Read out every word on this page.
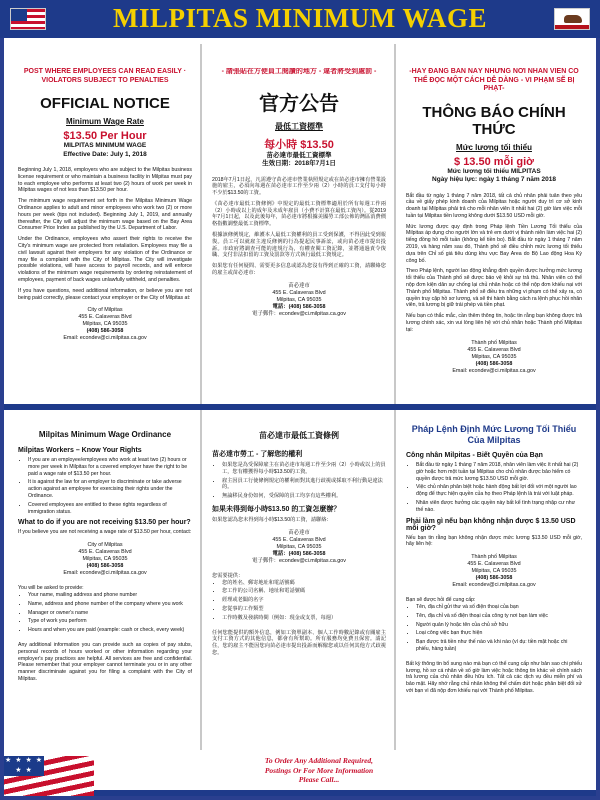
MILPITAS MINIMUM WAGE
POST WHERE EMPLOYEES CAN READ EASILY · VIOLATORS SUBJECT TO PENALTIES
OFFICIAL NOTICE
Minimum Wage Rate
$13.50 Per Hour
MILPITAS MINIMUM WAGE
Effective Date: July 1, 2018

Beginning July 1, 2018, employers who are subject to the Milpitas business license requirement or who maintain a business facility in Milpitas must pay to each employee who performs at least two (2) hours of work per week in Milpitas wages of not less than $13.50 per hour.

The minimum wage requirement set forth in the Milpitas Minimum Wage Ordinance applies to adult and minor employees who work two (2) or more hours per week (tips not included). Beginning July 1, 2019, and annually thereafter, the City will adjust the minimum wage based on the Bay Area Consumer Price Index as published by the U.S. Department of Labor.

Under the Ordinance, employees who assert their rights to receive the City's minimum wage are protected from retaliation. Employees may file a civil lawsuit against their employers for any violation of the Ordinance or may file a complaint with the City of Milpitas. The City will investigate possible violations, will have access to payroll records, and will enforce violations of the minimum wage requirements by ordering reinstatement of employees, payment of back wages unlawfully withheld, and penalties.

If you have questions, need additional information, or believe you are not being paid correctly, please contact your employer or the City of Milpitas at:

City of Milpitas
455 E. Calaveras Blvd
Milpitas, CA 95035
(408) 586-3058
Email: econdev@ci.milpitas.ca.gov
- 請張貼在方便員工閱讀的地方 - 違者將受到處罰 -
官方公告
最低工資標準
每小時 $13.50
苗必達市最低工資標準
生效日期：2018年7月1日

2018年7月1日起，凡需遵守苗必達市營業執照規定或在苗必達市擁有營業設施的雇主，必須向每週在苗必達市工作至少兩（2）小時的員工支付每小時不少於$13.50的工資。

《苗必達市最低工資條例》中規定的最低工資標準適用於所有每週工作兩（2）小時或以上的成年及未成年雇員（小費不計算在最低工資內）。從2019年7月1日起，以及此後每年，苗必達市將根據美國勞工部公佈的灣區消費價格指數調整最低工資標準。

根據該條例規定，維護本人最低工資權利的員工受到保護，不得因此受到報復。員工可以就雇主違反條例的行為提起民事訴訟，或向苗必達市提出投訴。市政府將調查可能的違規行為，有權查閱工資記錄，並將通過責令復職、支付非法扣留的工資及罰款等方式執行最低工資規定。

如果您有任何疑問、需要更多信息或認為您沒有得到正確的工資，請聯絡您的雇主或苗必達市：

苗必達市
455 E. Calaveras Blvd
Milpitas, CA 95035
電話：(408) 586-3058
電子郵件：econdev@ci.milpitas.ca.gov
-HÃY ĐĂNG BẢN NÀY NHỮNG NƠI NHÂN VIÊN CÓ THỂ ĐỌC MỘT CÁCH DỄ DÀNG - VI PHẠM SẼ BỊ PHẠT-
THÔNG BÁO CHÍNH THỨC
Mức lương tối thiểu
$ 13.50 mỗi giờ
Mức lương tối thiểu MILPITAS
Ngày hiệu lực: ngày 1 tháng 7 năm 2018

Bắt đầu từ ngày 1 tháng 7 năm 2018, tất cả chủ nhân phải tuân theo yêu cầu về giấy phép kinh doanh của Milpitas hoặc người duy trì cơ sở kinh doanh tại Milpitas phải trả cho mỗi nhân viên ít nhất hai (2) giờ làm việc mỗi tuần tại Milpitas tiền lương không dưới $13.50 USD mỗi giờ.

Mức lương được quy định trong Pháp lệnh Tiền Lương Tối thiểu của Milpitas áp dụng cho người lớn và trẻ em dưới vị thành niên làm việc hai (2) tiếng đồng hồ mỗi tuần (không kể tiền bo). Bắt đầu từ ngày 1 tháng 7 năm 2019, và hàng năm sau đó, Thành phố sẽ điều chỉnh mức lương tối thiểu dựa trên Chỉ số giá tiêu dùng khu vực Bay Area do Bộ Lao động Hoa Kỳ công bố.

Theo Pháp lệnh, người lao động khẳng định quyền được hưởng mức lương tối thiểu của Thành phố sẽ được bảo vệ khỏi sự trả thù. Nhân viên có thể nộp đơn kiện dân sự chống lại chủ nhân hoặc có thể nộp đơn khiếu nại với Thành phố Milpitas. Thành phố sẽ điều tra những vi phạm có thể xảy ra, có quyền truy cập hồ sơ lương, và sẽ thi hành bằng cách ra lệnh phục hồi nhân viên, trả lương bị giữ trái phép và tiền phạt.

Nếu bạn có thắc mắc, cần thêm thông tin, hoặc tin rằng bạn không được trả lương chính xác, xin vui lòng liên hệ với chủ nhân hoặc Thành phố Milpitas tại:

Thành phố Milpitas
455 E. Calaveras Blvd
Milpitas, CA 95035
(408) 586-3058
Email: econdev@ci.milpitas.ca.gov
Milpitas Minimum Wage Ordinance
Milpitas Workers – Know Your Rights
• If you are an employee/employees who work at least two (2) hours or more per week in Milpitas for a covered employer have the right to be paid a wage rate of $13.50 per hour.
• It is against the law for an employer to discriminate or take adverse action against an employee for exercising their rights under the Ordinance.
• Covered employees are entitled to these rights regardless of immigration status.
What to do if you are not receiving $13.50 per hour?
If you believe you are not receiving a wage rate of $13.50 per hour, contact:
City of Milpitas
455 E. Calaveras Blvd
Milpitas, CA 95035
(408) 586-3058
Email: econdev@ci.milpitas.ca.gov
You will be asked to provide:
• Your name, mailing address and phone number
• Name, address and phone number of the company where you work
• Manager or owner's name
• Type of work you perform
• Hours and when you are paid (example: cash or check, every week)
Any additional information you can provide such as copies of pay stubs, personal records of hours worked or other information regarding your employer's pay practices are helpful. All services are free and confidential. Please remember that your employer cannot terminate you or in any other manner discriminate against you for filing a complaint with the City of Milpitas.
苗必達市最低工資條例
苗必達市勞工 - 了解您的權利
• 如果您是為受保障雇主在苗必達市每週工作至少兩（2）小時或以上的員工，您有權獲得每小時$13.50的工資。
• 雇主因員工行使條例規定的權利而對其進行歧視或採取不利行動是違法的。
• 無論移民身份如何，受保障的員工均享有這些權利。
如果未得到每小時$13.50 的工資怎麼辦？
如果您認為您未得到每小時$13.50的工資，請聯絡：
苗必達市
455 E. Calaveras Blvd
Milpitas, CA 95035
電話：(408) 586-3058
電子郵件：econdev@ci.milpitas.ca.gov
您需要提供：
• 您的姓名、郵寄地址和電話號碼
• 您工作的公司名稱、地址和電話號碼
• 經理或老闆的名字
• 您從事的工作類型
• 工作時數及發薪時間（例如：現金或支票，每週）
任何您能提供的額外信息，例如工資單副本、個人工作時數記錄或有關雇主支付工資方式的其他信息，都會有所幫助。所有服務均免費且保密。請記住，您的雇主不能因您向苗必達市提出投訴而解僱您或以任何其他方式歧視您。
Pháp Lệnh Định Mức Lương Tối Thiểu Của Milpitas
Công nhân Milpitas - Biết Quyền của Bạn
• Bắt đầu từ ngày 1 tháng 7 năm 2018, nhân viên làm việc ít nhất hai (2) giờ hoặc hơn một tuần tại Milpitas cho chủ nhân được bảo hiểm có quyền được trả mức lương $13.50 USD mỗi giờ.
• Việc chủ nhân phân biệt hoặc hành động bất lợi đối với một người lao động để thực hiện quyền của họ theo Pháp lệnh là trái với luật pháp.
• Nhân viên được hưởng các quyền này bất kể tình trạng nhập cư như thế nào.
Phải làm gì nếu bạn không nhận được $ 13.50 USD mỗi giờ?
Nếu bạn tin rằng bạn không nhận được mức lương $13.50 USD mỗi giờ, hãy liên hệ:
Thành phố Milpitas
455 E. Calaveras Blvd
Milpitas, CA 95035
(408) 586-3058
Email: econdev@ci.milpitas.ca.gov
Bạn sẽ được hỏi để cung cấp:
• Tên, địa chỉ gửi thư và số điện thoại của bạn
• Tên, địa chỉ và số điện thoại của công ty nơi bạn làm việc
• Người quản lý hoặc tên của chủ sở hữu
• Loại công việc bạn thực hiện
• Bạn được trả tiền như thế nào và khi nào (ví dụ: tiền mặt hoặc chi phiếu, hàng tuần)
Bất kỳ thông tin bổ sung nào mà bạn có thể cung cấp như bản sao chi phiếu lương, hồ sơ cá nhân về số giờ làm việc hoặc thông tin khác về chính sách trả lương của chủ nhân đều hữu ích. Tất cả các dịch vụ đều miễn phí và bảo mật. Hãy nhớ rằng chủ nhân không thể chấm dứt hoặc phân biệt đối xử với bạn vì đã nộp đơn khiếu nại với Thành phố Milpitas.
★ ★ ★ ★ ★ ★
To Order Any Additional Required,
Postings Or For More Information
Please Call...
